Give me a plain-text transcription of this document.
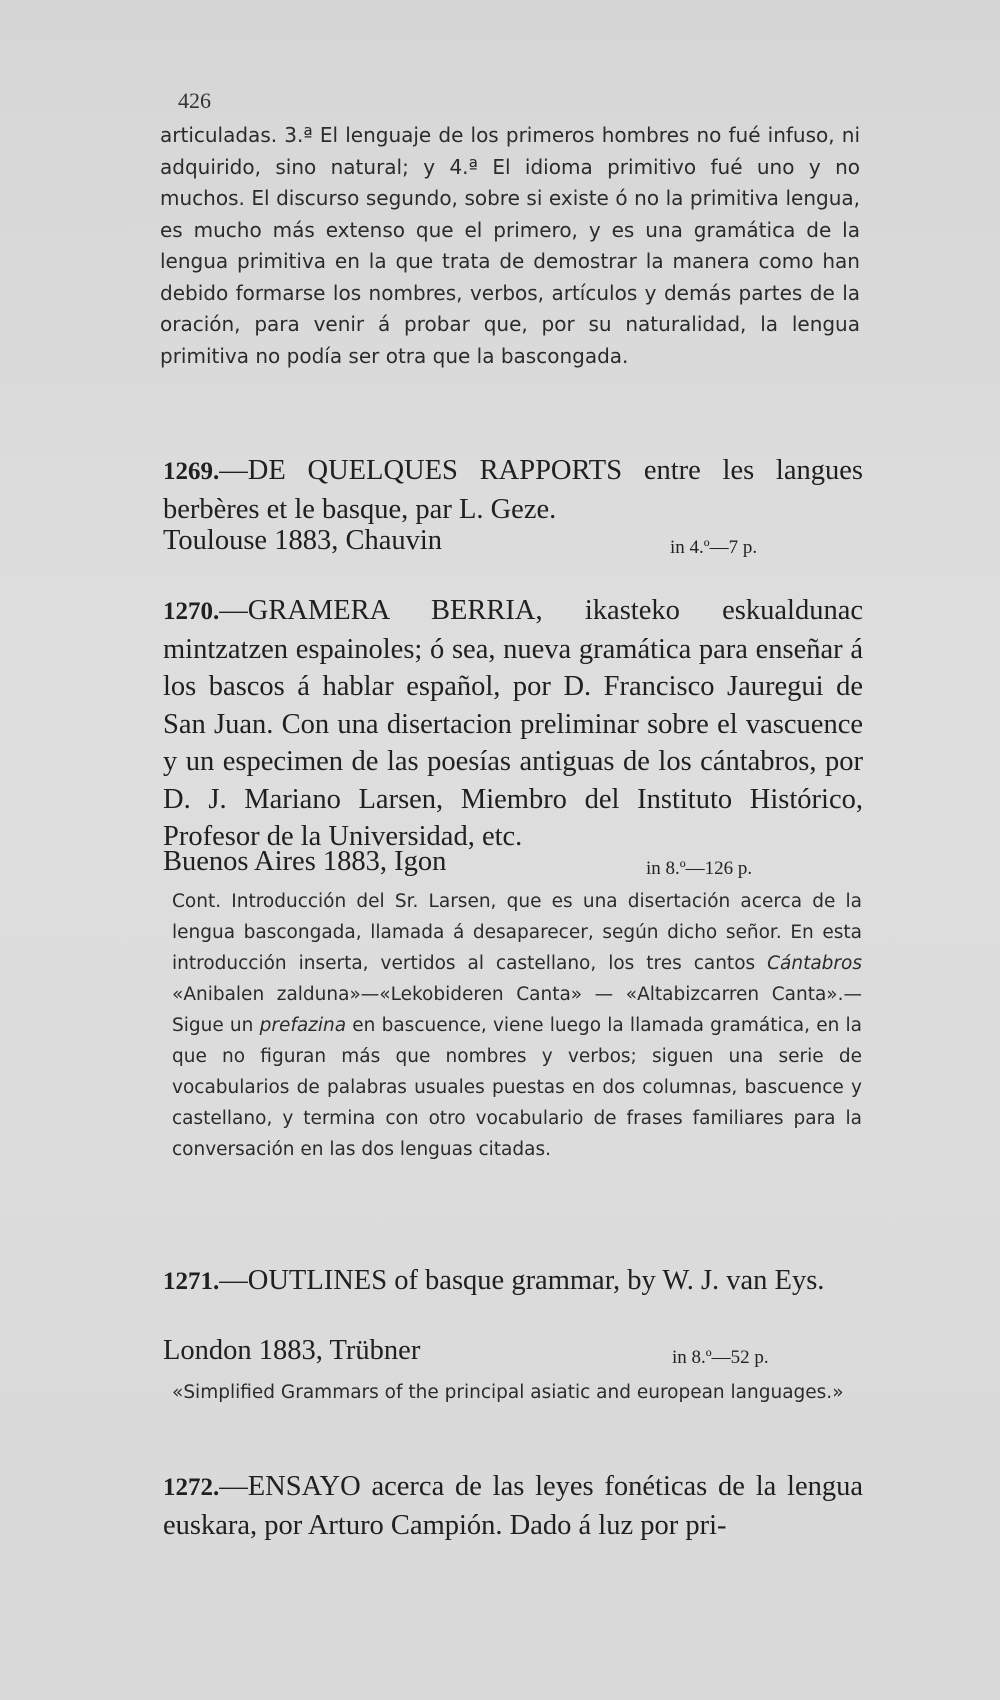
426
articuladas. 3.ª El lenguaje de los primeros hombres no fué infuso, ni adquirido, sino natural; y 4.ª El idioma primitivo fué uno y no muchos. El discurso segundo, sobre si existe ó no la primitiva lengua, es mucho más extenso que el primero, y es una gramática de la lengua primitiva en la que trata de demostrar la manera como han debido formarse los nombres, verbos, artículos y demás partes de la oración, para venir á probar que, por su naturalidad, la lengua primitiva no podía ser otra que la bascongada.
1269.—DE QUELQUES RAPPORTS entre les langues berbères et le basque, par L. Geze.
Toulouse 1883, Chauvin	in 4.º—7 p.
1270.—GRAMERA BERRIA, ikasteko eskualdunac mintzatzen espainoles; ó sea, nueva gramática para enseñar á los bascos á hablar español, por D. Francisco Jauregui de San Juan. Con una disertacion preliminar sobre el vascuence y un especimen de las poesías antiguas de los cántabros, por D. J. Mariano Larsen, Miembro del Instituto Histórico, Profesor de la Universidad, etc.
Buenos Aires 1883, Igon	in 8.º—126 p.
Cont. Introducción del Sr. Larsen, que es una disertación acerca de la lengua bascongada, llamada á desaparecer, según dicho señor. En esta introducción inserta, vertidos al castellano, los tres cantos Cántabros «Anibalen zalduna»—«Lekobideren Canta» — «Altabizcarren Canta».— Sigue un prefazina en bascuence, viene luego la llamada gramática, en la que no figuran más que nombres y verbos; siguen una serie de vocabularios de palabras usuales puestas en dos columnas, bascuence y castellano, y termina con otro vocabulario de frases familiares para la conversación en las dos lenguas citadas.
1271.—OUTLINES of basque grammar, by W. J. van Eys.
London 1883, Trübner	in 8.º—52 p.
«Simplified Grammars of the principal asiatic and european languages.»
1272.—ENSAYO acerca de las leyes fonéticas de la lengua euskara, por Arturo Campión. Dado á luz por pri-
